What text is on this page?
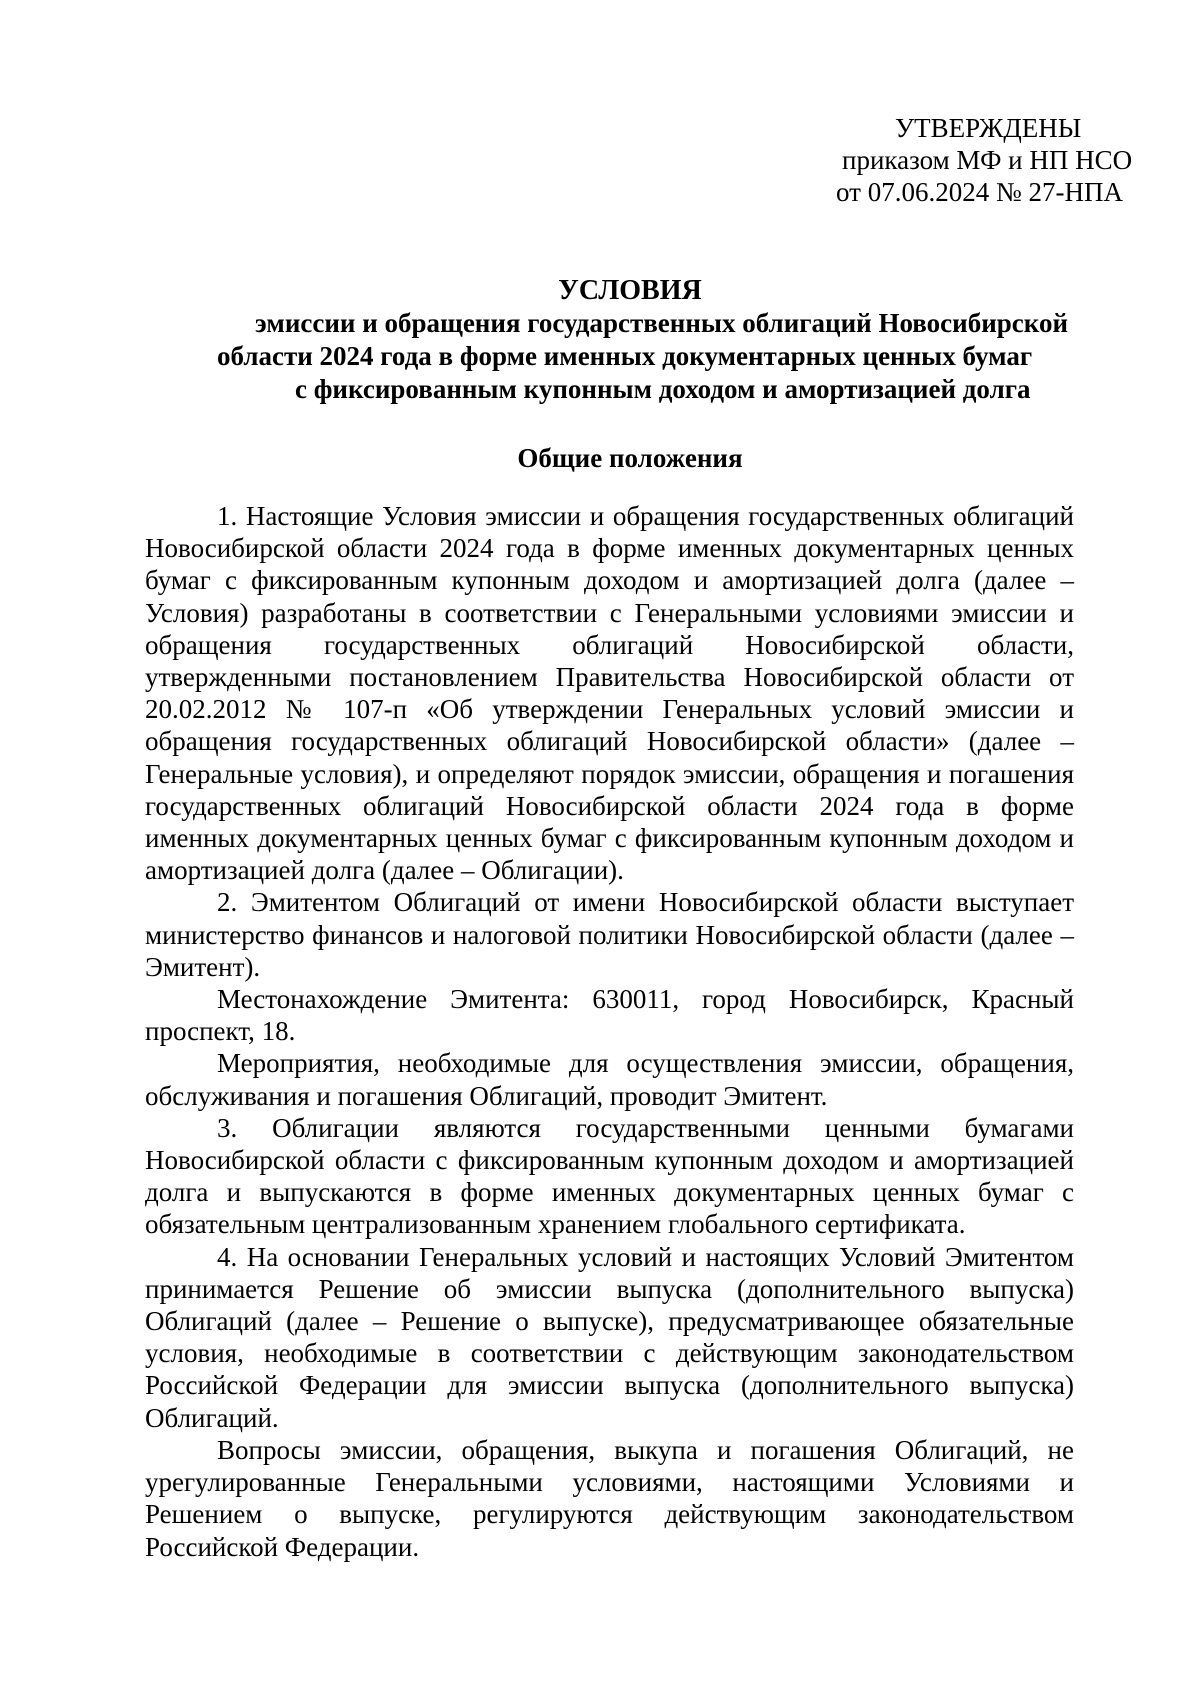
УТВЕРЖДЕНЫ
приказом МФ и НП НСО
от 07.06.2024 № 27-НПА
УСЛОВИЯ
эмиссии и обращения государственных облигаций Новосибирской
области 2024 года в форме именных документарных ценных бумаг
с фиксированным купонным доходом и амортизацией долга
Общие положения

1. Настоящие Условия эмиссии и обращения государственных облигаций Новосибирской области 2024 года в форме именных документарных ценных бумаг с фиксированным купонным доходом и амортизацией долга (далее – Условия) разработаны в соответствии с Генеральными условиями эмиссии и обращения государственных облигаций Новосибирской области, утвержденными постановлением Правительства Новосибирской области от 20.02.2012 № 107-п «Об утверждении Генеральных условий эмиссии и обращения государственных облигаций Новосибирской области» (далее – Генеральные условия), и определяют порядок эмиссии, обращения и погашения государственных облигаций Новосибирской области 2024 года в форме именных документарных ценных бумаг с фиксированным купонным доходом и амортизацией долга (далее – Облигации).

2. Эмитентом Облигаций от имени Новосибирской области выступает министерство финансов и налоговой политики Новосибирской области (далее – Эмитент).

Местонахождение Эмитента: 630011, город Новосибирск, Красный проспект, 18.

Мероприятия, необходимые для осуществления эмиссии, обращения, обслуживания и погашения Облигаций, проводит Эмитент.

3. Облигации являются государственными ценными бумагами Новосибирской области с фиксированным купонным доходом и амортизацией долга и выпускаются в форме именных документарных ценных бумаг с обязательным централизованным хранением глобального сертификата.

4. На основании Генеральных условий и настоящих Условий Эмитентом принимается Решение об эмиссии выпуска (дополнительного выпуска) Облигаций (далее – Решение о выпуске), предусматривающее обязательные условия, необходимые в соответствии с действующим законодательством Российской Федерации для эмиссии выпуска (дополнительного выпуска) Облигаций.

Вопросы эмиссии, обращения, выкупа и погашения Облигаций, не урегулированные Генеральными условиями, настоящими Условиями и Решением о выпуске, регулируются действующим законодательством Российской Федерации.
